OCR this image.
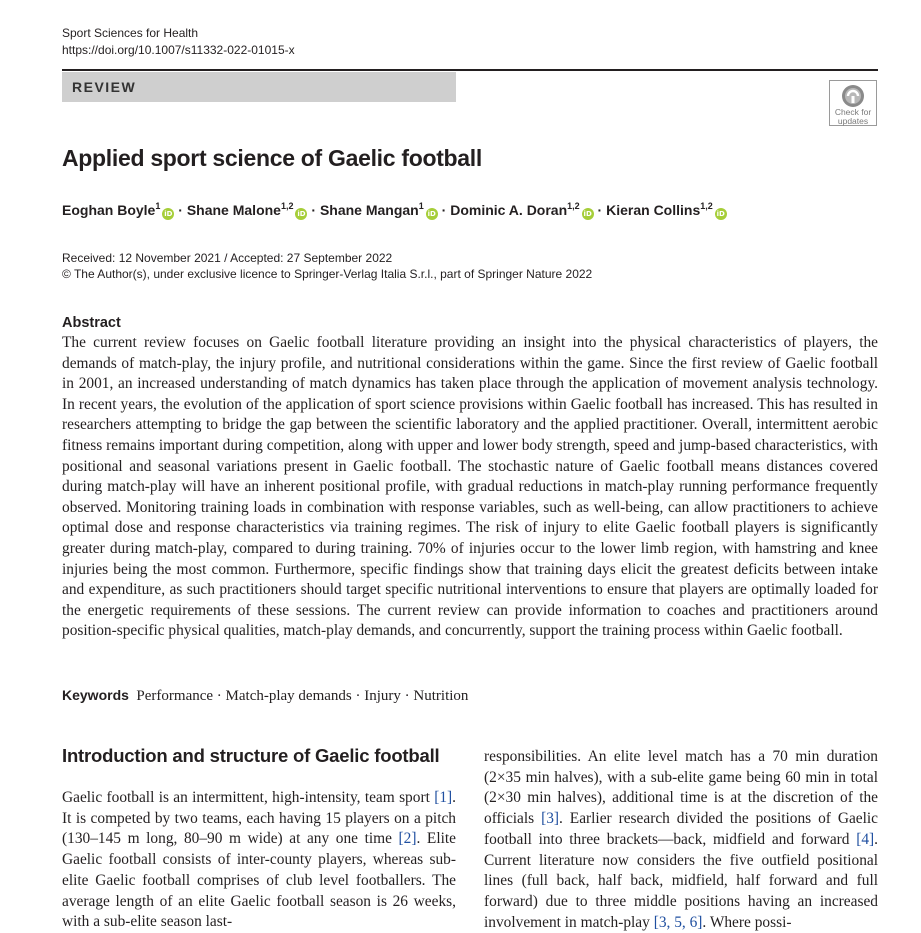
Sport Sciences for Health
https://doi.org/10.1007/s11332-022-01015-x
REVIEW
Check for
updates
Applied sport science of Gaelic football
Eoghan Boyle$^1$iD · Shane Malone$^{1,2}$iD · Shane Mangan$^1$iD · Dominic A. Doran$^{1,2}$iD · Kieran Collins$^{1,2}$iD
Received: 12 November 2021 / Accepted: 27 September 2022
© The Author(s), under exclusive licence to Springer-Verlag Italia S.r.l., part of Springer Nature 2022
Abstract

The current review focuses on Gaelic football literature providing an insight into the physical characteristics of players, the demands of match-play, the injury profile, and nutritional considerations within the game. Since the first review of Gaelic football in 2001, an increased understanding of match dynamics has taken place through the application of movement analysis technology. In recent years, the evolution of the application of sport science provisions within Gaelic football has increased. This has resulted in researchers attempting to bridge the gap between the scientific laboratory and the applied practitioner. Overall, intermittent aerobic fitness remains important during competition, along with upper and lower body strength, speed and jump-based characteristics, with positional and seasonal variations present in Gaelic football. The stochastic nature of Gaelic football means distances covered during match-play will have an inherent positional profile, with gradual reductions in match-play running performance frequently observed. Monitoring training loads in combination with response variables, such as well-being, can allow practitioners to achieve optimal dose and response characteristics via training regimes. The risk of injury to elite Gaelic football players is significantly greater during match-play, compared to during training. 70% of injuries occur to the lower limb region, with hamstring and knee injuries being the most common. Furthermore, specific findings show that training days elicit the greatest deficits between intake and expenditure, as such practitioners should target specific nutritional interventions to ensure that players are optimally loaded for the energetic requirements of these sessions. The current review can provide information to coaches and practitioners around position-specific physical qualities, match-play demands, and concurrently, support the training process within Gaelic football.

Keywords Performance · Match-play demands · Injury · Nutrition
Introduction and structure of Gaelic football

Gaelic football is an intermittent, high-intensity, team sport [1]. It is competed by two teams, each having 15 players on a pitch (130–145 m long, 80–90 m wide) at any one time [2]. Elite Gaelic football consists of inter-county players, whereas sub-elite Gaelic football comprises of club level footballers. The average length of an elite Gaelic football season is 26 weeks, with a sub-elite season last-

responsibilities. An elite level match has a 70 min duration (2×35 min halves), with a sub-elite game being 60 min in total (2×30 min halves), additional time is at the discretion of the officials [3]. Earlier research divided the positions of Gaelic football into three brackets—back, midfield and forward [4]. Current literature now considers the five outfield positional lines (full back, half back, midfield, half forward and full forward) due to three middle positions having an increased involvement in match-play [3, 5, 6]. Where possi-
